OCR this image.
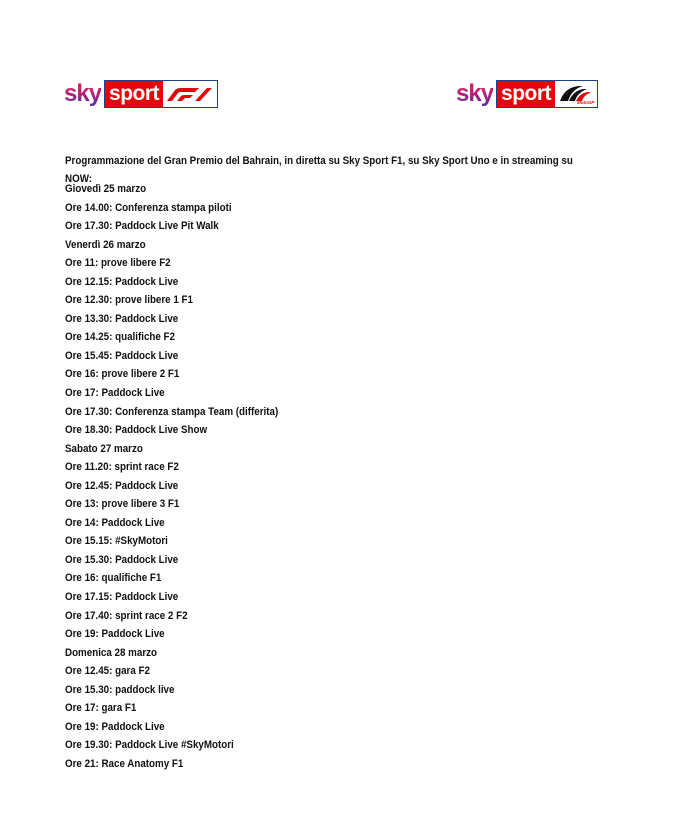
sky sport	sky sport	MotoGP
Programmazione del Gran Premio del Bahrain, in diretta su Sky Sport F1, su Sky Sport Uno e in streaming su NOW:
Giovedì 25 marzo
Ore 14.00: Conferenza stampa piloti
Ore 17.30: Paddock Live Pit Walk
Venerdì 26 marzo
Ore 11: prove libere F2
Ore 12.15: Paddock Live
Ore 12.30: prove libere 1 F1
Ore 13.30: Paddock Live
Ore 14.25: qualifiche F2
Ore 15.45: Paddock Live
Ore 16: prove libere 2 F1
Ore 17: Paddock Live
Ore 17.30: Conferenza stampa Team (differita)
Ore 18.30: Paddock Live Show
Sabato 27 marzo
Ore 11.20: sprint race F2
Ore 12.45: Paddock Live
Ore 13: prove libere 3 F1
Ore 14: Paddock Live
Ore 15.15: #SkyMotori
Ore 15.30: Paddock Live
Ore 16: qualifiche F1
Ore 17.15: Paddock Live
Ore 17.40: sprint race 2 F2
Ore 19: Paddock Live
Domenica 28 marzo
Ore 12.45: gara F2
Ore 15.30: paddock live
Ore 17: gara F1
Ore 19: Paddock Live
Ore 19.30: Paddock Live #SkyMotori
Ore 21: Race Anatomy F1
